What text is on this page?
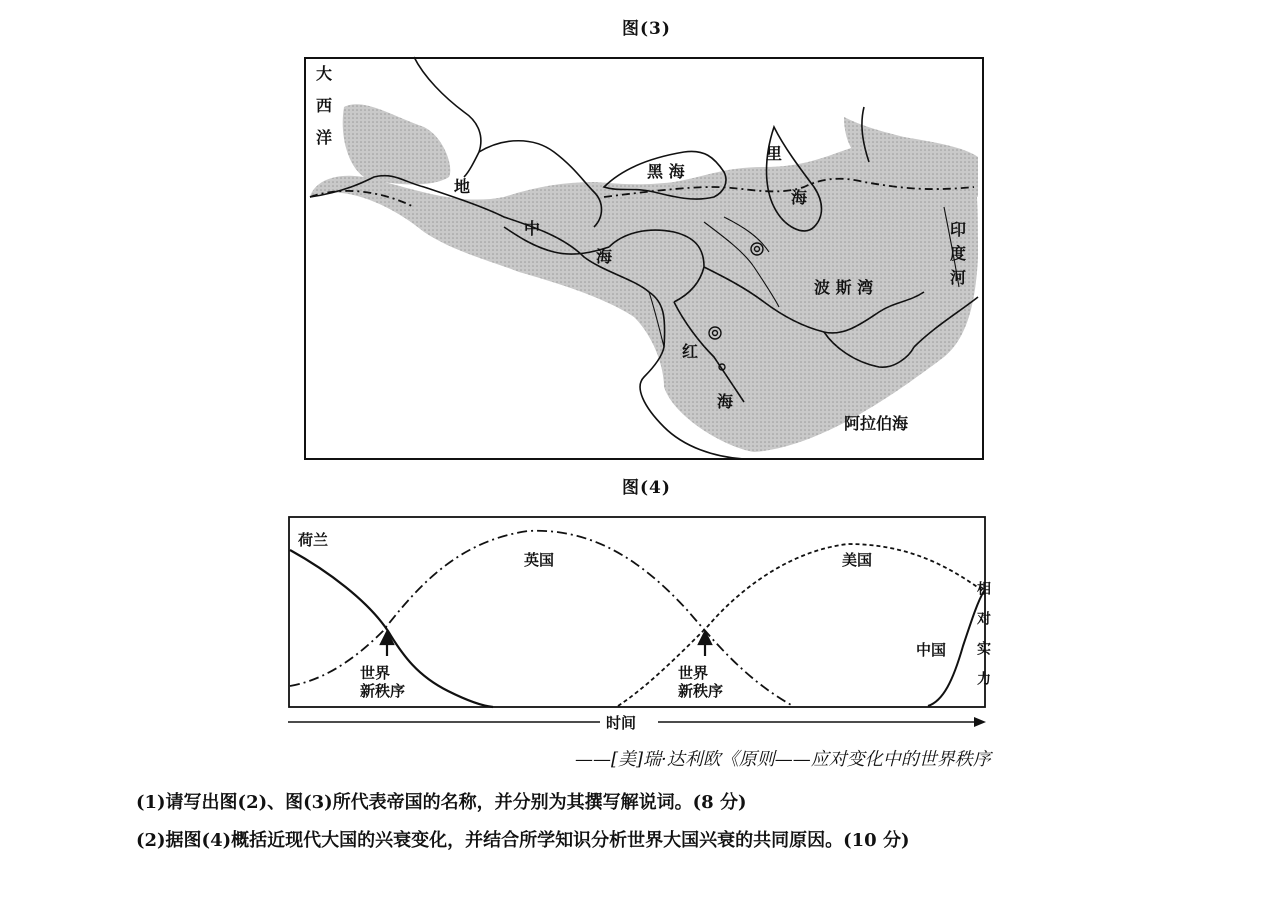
图(3)
大西洋
地
中
海
黑 海
里
海
印度河
波 斯 湾
红
海
阿拉伯海
图(4)
荷兰
英国	美国
中国
世界新秩序
世界新秩序
相对实力
时间
——[美]瑞·达利欧《原则——应对变化中的世界秩序
(1)请写出图(2)、图(3)所代表帝国的名称，并分别为其撰写解说词。(8 分)
(2)据图(4)概括近现代大国的兴衰变化，并结合所学知识分析世界大国兴衰的共同原因。(10 分)
